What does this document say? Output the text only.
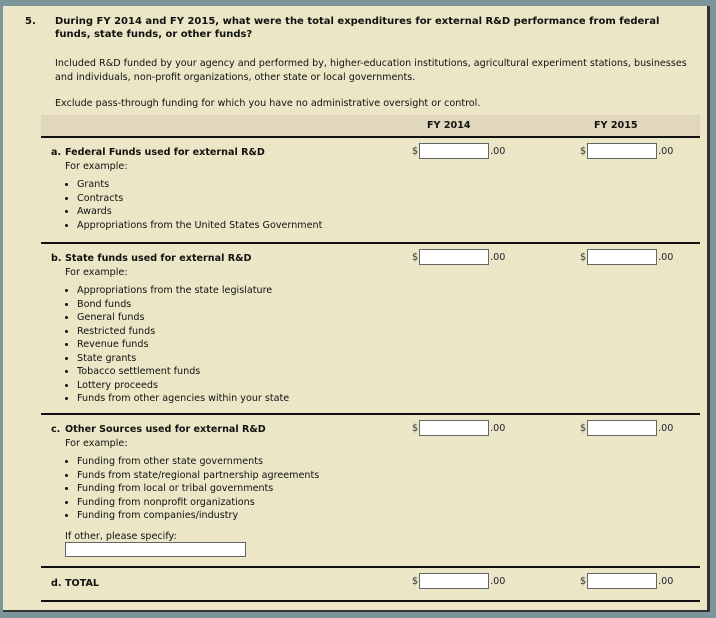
5. During FY 2014 and FY 2015, what were the total expenditures for external R&D performance from federal funds, state funds, or other funds?
Included R&D funded by your agency and performed by, higher-education institutions, agricultural experiment stations, businesses and individuals, non-profit organizations, other state or local governments.
Exclude pass-through funding for which you have no administrative oversight or control.
FY 2014	FY 2015
a. Federal Funds used for external R&D
For example:
• Grants
• Contracts
• Awards
• Appropriations from the United States Government
$	.00	$	.00
b. State funds used for external R&D
For example:
• Appropriations from the state legislature
• Bond funds
• General funds
• Restricted funds
• Revenue funds
• State grants
• Tobacco settlement funds
• Lottery proceeds
• Funds from other agencies within your state
$	.00	$	.00
c. Other Sources used for external R&D
For example:
• Funding from other state governments
• Funds from state/regional partnership agreements
• Funding from local or tribal governments
• Funding from nonprofit organizations
• Funding from companies/industry
If other, please specify:
$	.00	$	.00
d. TOTAL	$	.00	$	.00
